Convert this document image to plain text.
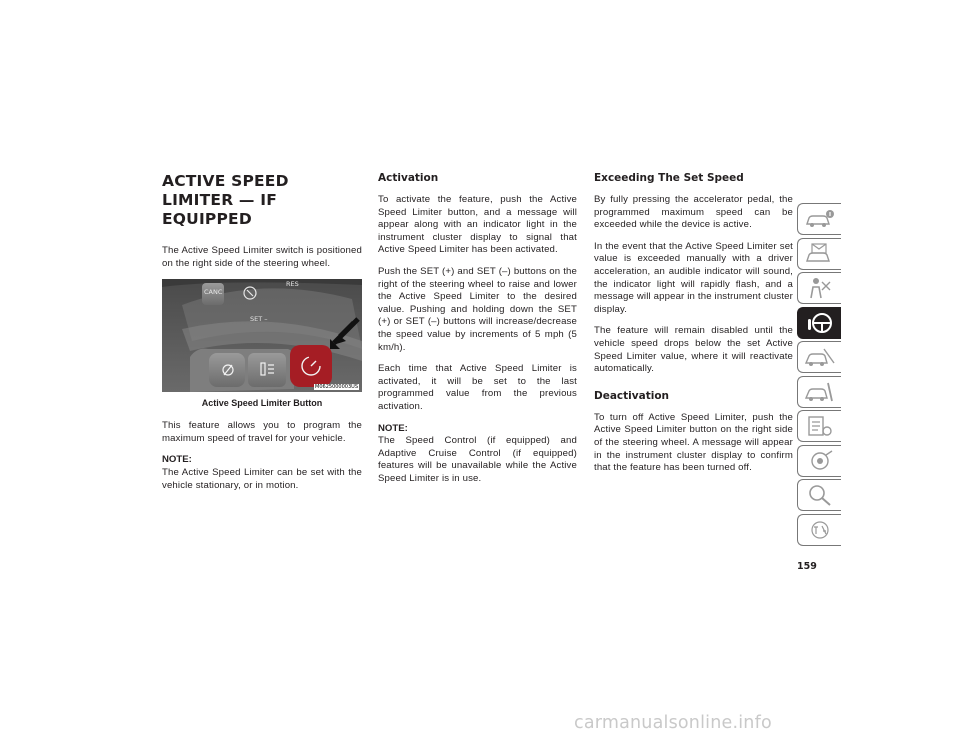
ACTIVE SPEED LIMITER — IF EQUIPPED

The Active Speed Limiter switch is positioned on the right side of the steering wheel.

CANC
RES
SET –
M0625000003US
Active Speed Limiter Button

This feature allows you to program the maximum speed of travel for your vehicle.

NOTE:

The Active Speed Limiter can be set with the vehicle stationary, or in motion.

Activation

To activate the feature, push the Active Speed Limiter button, and a message will appear along with an indicator light in the instrument cluster display to signal that Active Speed Limiter has been activated.

Push the SET (+) and SET (–) buttons on the right of the steering wheel to raise and lower the Active Speed Limiter to the desired value. Pushing and holding down the SET (+) or SET (–) buttons will increase/decrease the speed value by increments of 5 mph (5 km/h).

Each time that Active Speed Limiter is activated, it will be set to the last programmed value from the previous activation.

NOTE:

The Speed Control (if equipped) and Adaptive Cruise Control (if equipped) features will be unavailable while the Active Speed Limiter is in use.

Exceeding The Set Speed

By fully pressing the accelerator pedal, the programmed maximum speed can be exceeded while the device is active.

In the event that the Active Speed Limiter set value is exceeded manually with a driver acceleration, an audible indicator will sound, the indicator light will rapidly flash, and a message will appear in the instrument cluster display.

The feature will remain disabled until the vehicle speed drops below the set Active Speed Limiter value, where it will reactivate automatically.

Deactivation

To turn off Active Speed Limiter, push the Active Speed Limiter button on the right side of the steering wheel. A message will appear in the instrument cluster display to confirm that the feature has been turned off.

159
carmanualsonline.info
